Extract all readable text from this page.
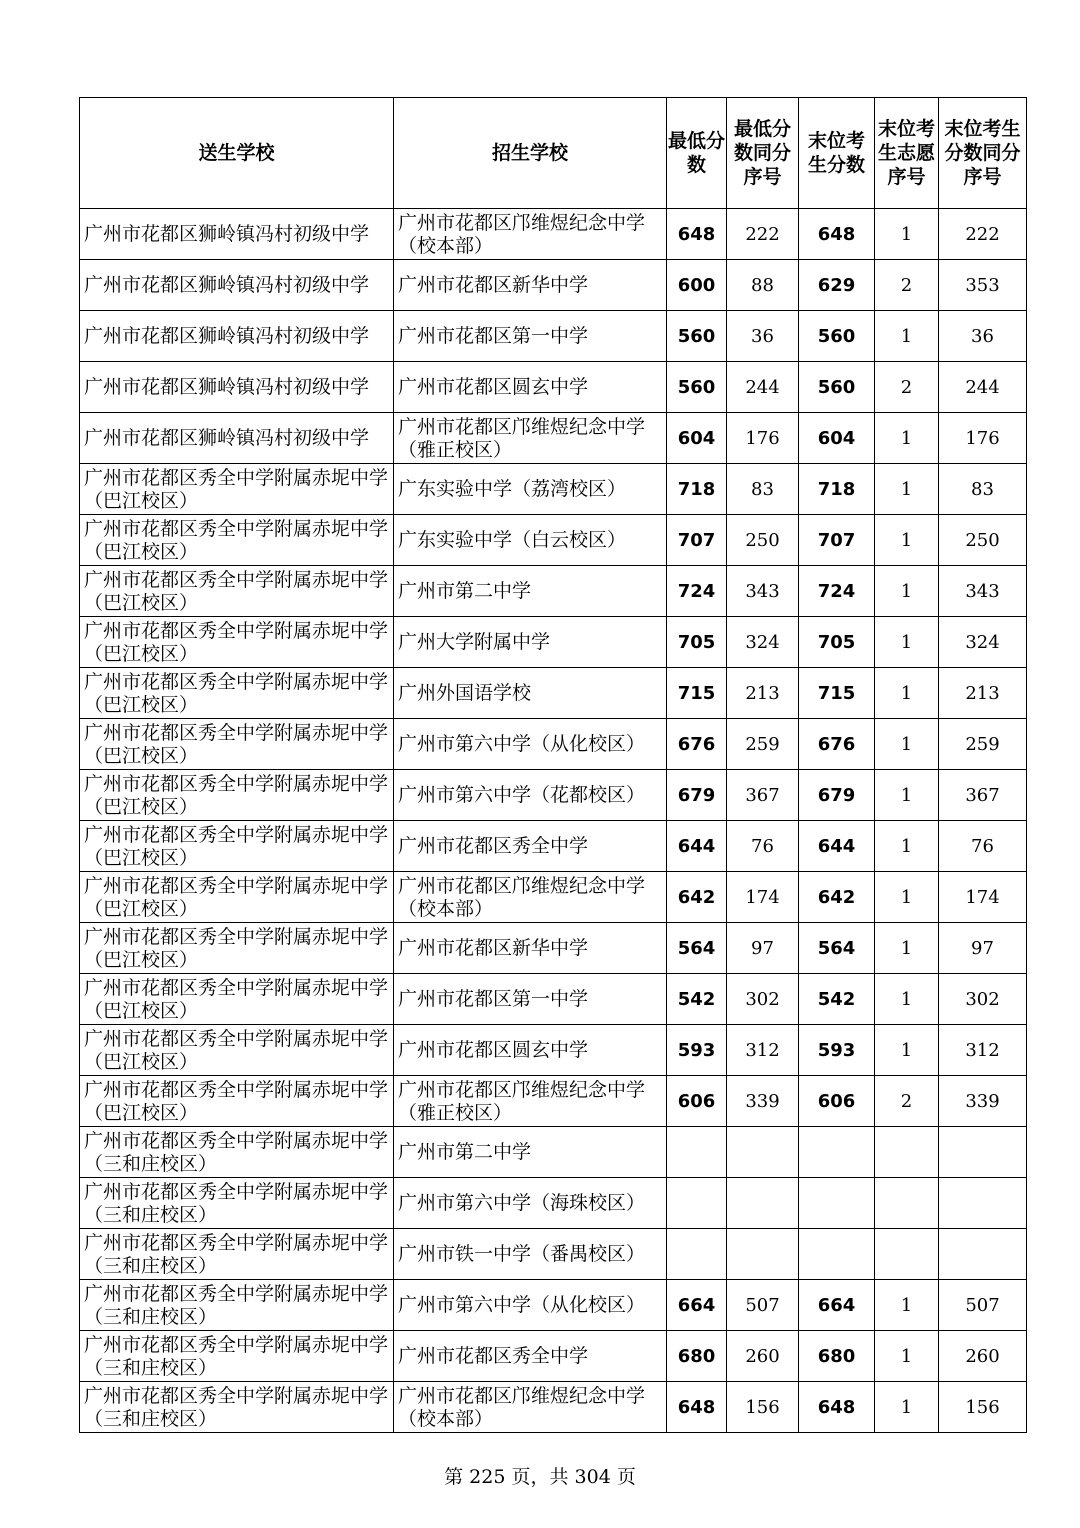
送生学校	招生学校	最低分数	最低分数同分序号	末位考生分数	末位考生志愿序号	末位考生分数同分序号
广州市花都区狮岭镇冯村初级中学	广州市花都区邝维煜纪念中学（校本部）	648	222	648	1	222
广州市花都区狮岭镇冯村初级中学	广州市花都区新华中学	600	88	629	2	353
广州市花都区狮岭镇冯村初级中学	广州市花都区第一中学	560	36	560	1	36
广州市花都区狮岭镇冯村初级中学	广州市花都区圆玄中学	560	244	560	2	244
广州市花都区狮岭镇冯村初级中学	广州市花都区邝维煜纪念中学（雅正校区）	604	176	604	1	176
广州市花都区秀全中学附属赤坭中学（巴江校区）	广东实验中学（荔湾校区）	718	83	718	1	83
广州市花都区秀全中学附属赤坭中学（巴江校区）	广东实验中学（白云校区）	707	250	707	1	250
广州市花都区秀全中学附属赤坭中学（巴江校区）	广州市第二中学	724	343	724	1	343
广州市花都区秀全中学附属赤坭中学（巴江校区）	广州大学附属中学	705	324	705	1	324
广州市花都区秀全中学附属赤坭中学（巴江校区）	广州外国语学校	715	213	715	1	213
广州市花都区秀全中学附属赤坭中学（巴江校区）	广州市第六中学（从化校区）	676	259	676	1	259
广州市花都区秀全中学附属赤坭中学（巴江校区）	广州市第六中学（花都校区）	679	367	679	1	367
广州市花都区秀全中学附属赤坭中学（巴江校区）	广州市花都区秀全中学	644	76	644	1	76
广州市花都区秀全中学附属赤坭中学（巴江校区）	广州市花都区邝维煜纪念中学（校本部）	642	174	642	1	174
广州市花都区秀全中学附属赤坭中学（巴江校区）	广州市花都区新华中学	564	97	564	1	97
广州市花都区秀全中学附属赤坭中学（巴江校区）	广州市花都区第一中学	542	302	542	1	302
广州市花都区秀全中学附属赤坭中学（巴江校区）	广州市花都区圆玄中学	593	312	593	1	312
广州市花都区秀全中学附属赤坭中学（巴江校区）	广州市花都区邝维煜纪念中学（雅正校区）	606	339	606	2	339
广州市花都区秀全中学附属赤坭中学（三和庄校区）	广州市第二中学					
广州市花都区秀全中学附属赤坭中学（三和庄校区）	广州市第六中学（海珠校区）					
广州市花都区秀全中学附属赤坭中学（三和庄校区）	广州市铁一中学（番禺校区）					
广州市花都区秀全中学附属赤坭中学（三和庄校区）	广州市第六中学（从化校区）	664	507	664	1	507
广州市花都区秀全中学附属赤坭中学（三和庄校区）	广州市花都区秀全中学	680	260	680	1	260
广州市花都区秀全中学附属赤坭中学（三和庄校区）	广州市花都区邝维煜纪念中学（校本部）	648	156	648	1	156
第 225 页，共 304 页
